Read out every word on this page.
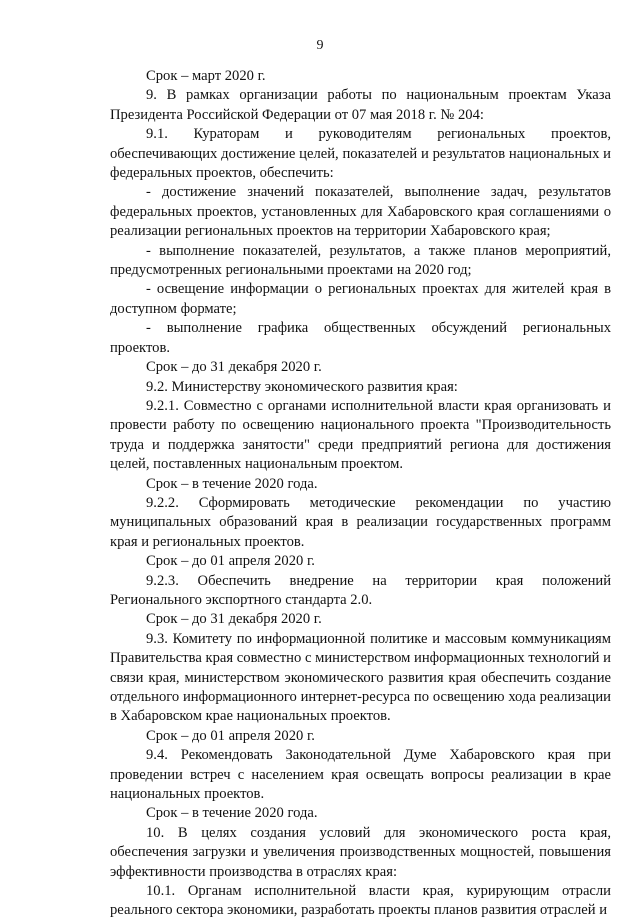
9

Срок – март 2020 г.

9. В рамках организации работы по национальным проектам Указа Президента Российской Федерации от 07 мая 2018 г. № 204:

9.1. Кураторам и руководителям региональных проектов, обеспечивающих достижение целей, показателей и результатов национальных и федеральных проектов, обеспечить:

- достижение значений показателей, выполнение задач, результатов федеральных проектов, установленных для Хабаровского края соглашениями о реализации региональных проектов на территории Хабаровского края;

- выполнение показателей, результатов, а также планов мероприятий, предусмотренных региональными проектами на 2020 год;

- освещение информации о региональных проектах для жителей края в доступном формате;

- выполнение графика общественных обсуждений региональных проектов.

Срок – до 31 декабря 2020 г.

9.2. Министерству экономического развития края:

9.2.1. Совместно с органами исполнительной власти края организовать и провести работу по освещению национального проекта "Производительность труда и поддержка занятости" среди предприятий региона для достижения целей, поставленных национальным проектом.

Срок – в течение 2020 года.

9.2.2. Сформировать методические рекомендации по участию муниципальных образований края в реализации государственных программ края и региональных проектов.

Срок – до 01 апреля 2020 г.

9.2.3. Обеспечить внедрение на территории края положений Регионального экспортного стандарта 2.0.

Срок – до 31 декабря 2020 г.

9.3. Комитету по информационной политике и массовым коммуникациям Правительства края совместно с министерством информационных технологий и связи края, министерством экономического развития края обеспечить создание отдельного информационного интернет-ресурса по освещению хода реализации в Хабаровском крае национальных проектов.

Срок – до 01 апреля 2020 г.

9.4. Рекомендовать Законодательной Думе Хабаровского края при проведении встреч с населением края освещать вопросы реализации в крае национальных проектов.

Срок – в течение 2020 года.

10. В целях создания условий для экономического роста края, обеспечения загрузки и увеличения производственных мощностей, повышения эффективности производства в отраслях края:

10.1. Органам исполнительной власти края, курирующим отрасли реального сектора экономики, разработать проекты планов развития отраслей и
